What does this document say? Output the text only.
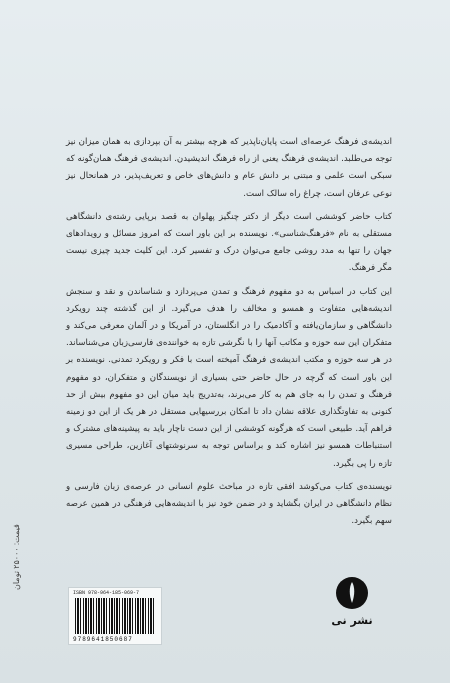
اندیشه‌ی فرهنگ عرصه‌ای است پایان‌ناپذیر که هرچه بیشتر به آن بپردازی به همان میزان نیز توجه می‌طلبد. اندیشه‌ی فرهنگ یعنی از راه فرهنگ اندیشیدن. اندیشه‌ی فرهنگ همان‌گونه که سبکی است علمی و مبتنی بر دانش عام و دانش‌های خاص و تعریف‌پذیر، در همانحال نیز نوعی عرفان است، چراغ راه سالک است.

کتاب حاضر کوششی است دیگر از دکتر چنگیز پهلوان به قصد برپایی رشته‌ی دانشگاهی مستقلی به نام «فرهنگ‌شناسی». نویسنده بر این باور است که امروز مسائل و رویدادهای جهان را تنها به مدد روشی جامع می‌توان درک و تفسیر کرد. این کلیت جدید چیزی نیست مگر فرهنگ.

این کتاب در اسباس به دو مفهوم فرهنگ و تمدن می‌پردازد و شناساندن و نقد و سنجش اندیشه‌هایی متفاوت و همسو و مخالف را هدف می‌گیرد. از این گذشته چند رویکرد دانشگاهی و سازمان‌یافته و آکادمیک را در انگلستان، در آمریکا و در آلمان معرفی می‌کند و متفکران این سه حوزه و مکاتب آنها را با نگرشی تازه به خواننده‌ی فارسی‌زبان می‌شناساند. در هر سه حوزه و مکتب اندیشه‌ی فرهنگ آمیخته است با فکر و رویکرد تمدنی. نویسنده بر این باور است که گرچه در حال حاضر حتی بسیاری از نویسندگان و متفکران، دو مفهوم فرهنگ و تمدن را به جای هم به کار می‌برند، به‌تدریج باید میان این دو مفهوم بیش از حد کنونی به تفاوتگذاری علاقه نشان داد تا امکان بررسیهایی مستقل در هر یک از این دو زمینه فراهم آید. طبیعی است که هرگونه کوششی از این دست ناچار باید به پیشینه‌های مشترک و استنباطات همسو نیز اشاره کند و براساس توجه به سرنوشتهای آغازین، طراحی مسیری تازه را پی بگیرد.

نویسنده‌ی کتاب می‌کوشد افقی تازه در مباحث علوم انسانی در عرصه‌ی زبان فارسی و نظام دانشگاهی در ایران بگشاید و در ضمن خود نیز با اندیشه‌هایی فرهنگی در همین عرصه سهم بگیرد.

قیمت: ۲۵۰۰۰ تومان
ISBN 978-964-185-069-7
9789641850687
نشر نی
